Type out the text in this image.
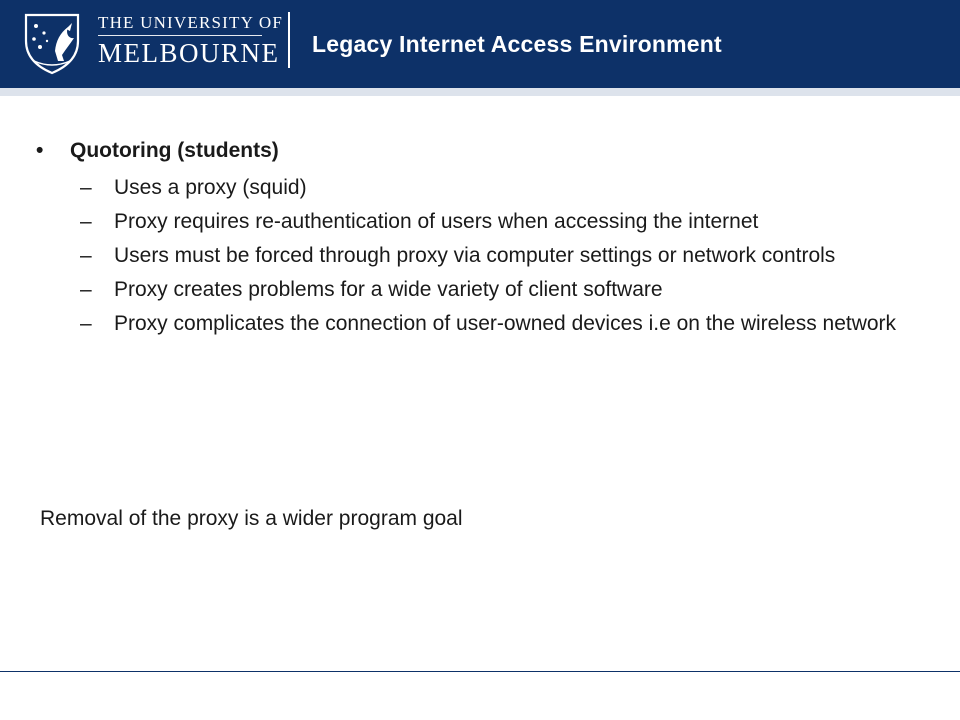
THE UNIVERSITY OF
MELBOURNE Legacy Internet Access Environment
• Quotoring (students)
– Uses a proxy (squid)
– Proxy requires re-authentication of users when accessing the internet
– Users must be forced through proxy via computer settings or network controls
– Proxy creates problems for a wide variety of client software
– Proxy complicates the connection of user-owned devices i.e on the wireless network
Removal of the proxy is a wider program goal
